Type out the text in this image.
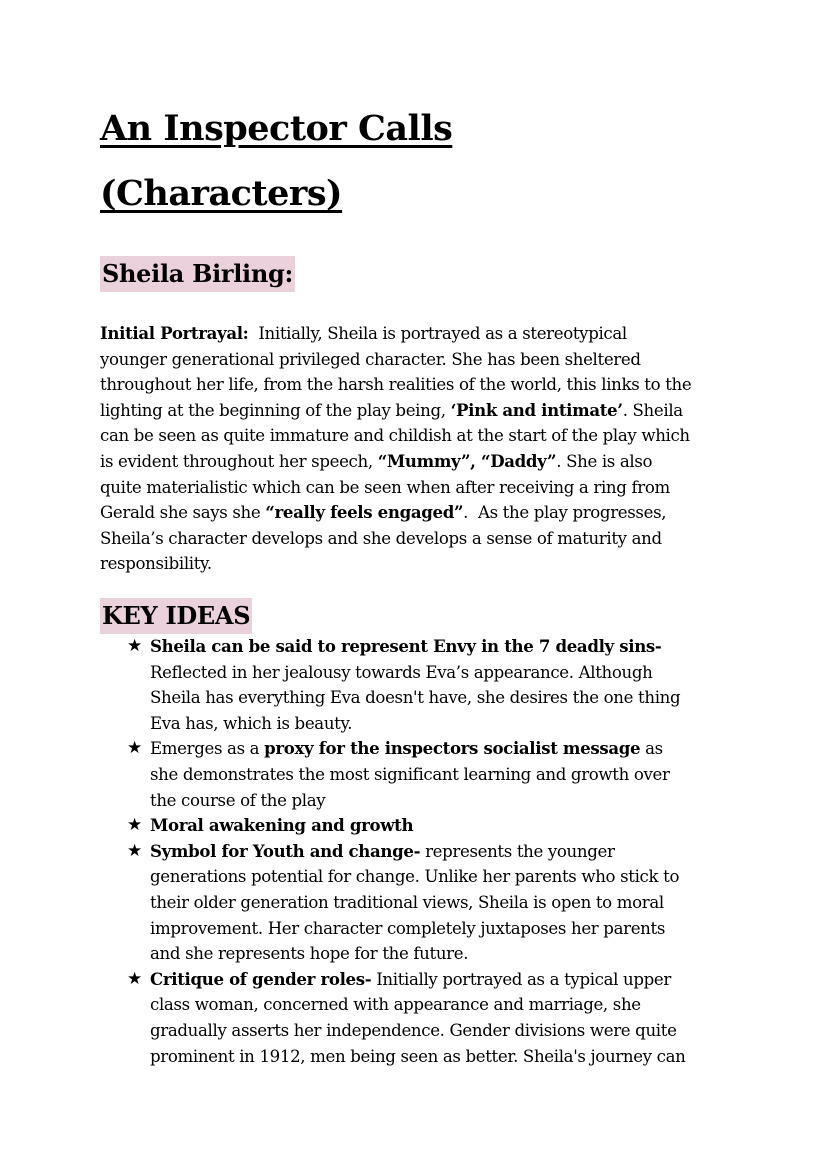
An Inspector Calls
(Characters)
Sheila Birling:
Initial Portrayal:  Initially, Sheila is portrayed as a stereotypical
younger generational privileged character. She has been sheltered
throughout her life, from the harsh realities of the world, this links to the
lighting at the beginning of the play being, ‘Pink and intimate’. Sheila
can be seen as quite immature and childish at the start of the play which
is evident throughout her speech, “Mummy”, “Daddy”. She is also
quite materialistic which can be seen when after receiving a ring from
Gerald she says she “really feels engaged”.  As the play progresses,
Sheila’s character develops and she develops a sense of maturity and
responsibility.
KEY IDEAS
★ Sheila can be said to represent Envy in the 7 deadly sins-
Reflected in her jealousy towards Eva’s appearance. Although
Sheila has everything Eva doesn't have, she desires the one thing
Eva has, which is beauty.
★ Emerges as a proxy for the inspectors socialist message as
she demonstrates the most significant learning and growth over
the course of the play
★ Moral awakening and growth
★ Symbol for Youth and change- represents the younger
generations potential for change. Unlike her parents who stick to
their older generation traditional views, Sheila is open to moral
improvement. Her character completely juxtaposes her parents
and she represents hope for the future.
★ Critique of gender roles- Initially portrayed as a typical upper
class woman, concerned with appearance and marriage, she
gradually asserts her independence. Gender divisions were quite
prominent in 1912, men being seen as better. Sheila's journey can
